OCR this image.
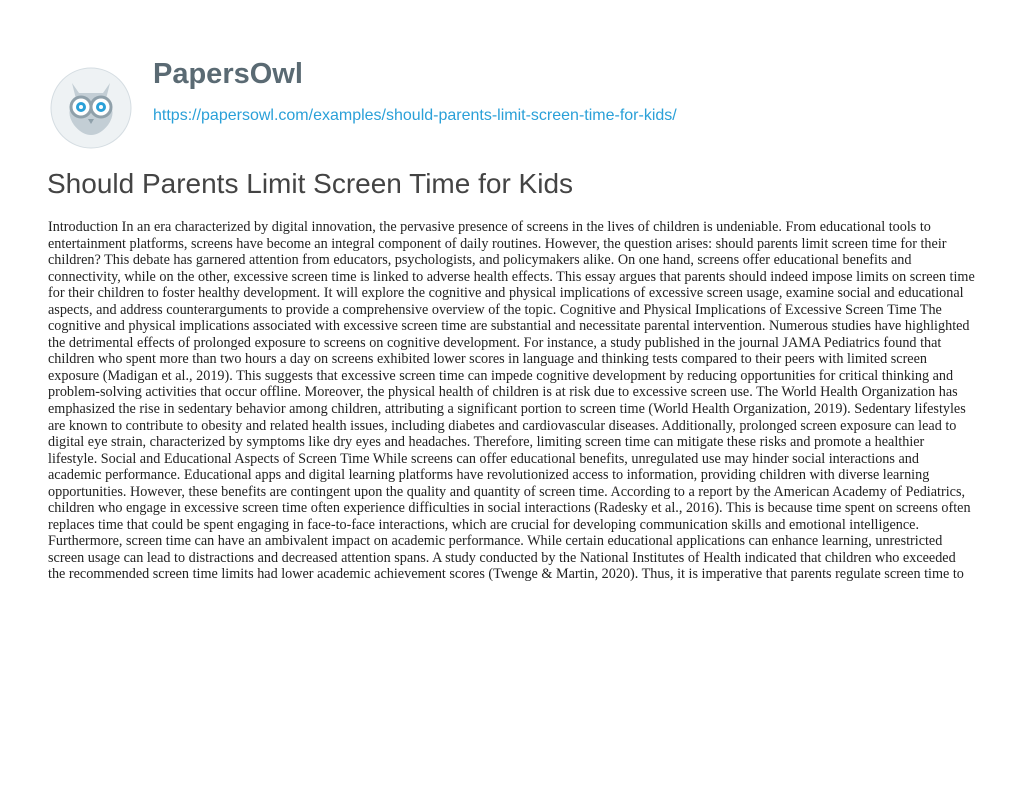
PapersOwl
https://papersowl.com/examples/should-parents-limit-screen-time-for-kids/
Should Parents Limit Screen Time for Kids

Introduction In an era characterized by digital innovation, the pervasive presence of screens in the lives of children is undeniable. From educational tools to entertainment platforms, screens have become an integral component of daily routines. However, the question arises: should parents limit screen time for their children? This debate has garnered attention from educators, psychologists, and policymakers alike. On one hand, screens offer educational benefits and connectivity, while on the other, excessive screen time is linked to adverse health effects. This essay argues that parents should indeed impose limits on screen time for their children to foster healthy development. It will explore the cognitive and physical implications of excessive screen usage, examine social and educational aspects, and address counterarguments to provide a comprehensive overview of the topic. Cognitive and Physical Implications of Excessive Screen Time The cognitive and physical implications associated with excessive screen time are substantial and necessitate parental intervention. Numerous studies have highlighted the detrimental effects of prolonged exposure to screens on cognitive development. For instance, a study published in the journal JAMA Pediatrics found that children who spent more than two hours a day on screens exhibited lower scores in language and thinking tests compared to their peers with limited screen exposure (Madigan et al., 2019). This suggests that excessive screen time can impede cognitive development by reducing opportunities for critical thinking and problem-solving activities that occur offline. Moreover, the physical health of children is at risk due to excessive screen use. The World Health Organization has emphasized the rise in sedentary behavior among children, attributing a significant portion to screen time (World Health Organization, 2019). Sedentary lifestyles are known to contribute to obesity and related health issues, including diabetes and cardiovascular diseases. Additionally, prolonged screen exposure can lead to digital eye strain, characterized by symptoms like dry eyes and headaches. Therefore, limiting screen time can mitigate these risks and promote a healthier lifestyle. Social and Educational Aspects of Screen Time While screens can offer educational benefits, unregulated use may hinder social interactions and academic performance. Educational apps and digital learning platforms have revolutionized access to information, providing children with diverse learning opportunities. However, these benefits are contingent upon the quality and quantity of screen time. According to a report by the American Academy of Pediatrics, children who engage in excessive screen time often experience difficulties in social interactions (Radesky et al., 2016). This is because time spent on screens often replaces time that could be spent engaging in face-to-face interactions, which are crucial for developing communication skills and emotional intelligence. Furthermore, screen time can have an ambivalent impact on academic performance. While certain educational applications can enhance learning, unrestricted screen usage can lead to distractions and decreased attention spans. A study conducted by the National Institutes of Health indicated that children who exceeded the recommended screen time limits had lower academic achievement scores (Twenge & Martin, 2020). Thus, it is imperative that parents regulate screen time to
